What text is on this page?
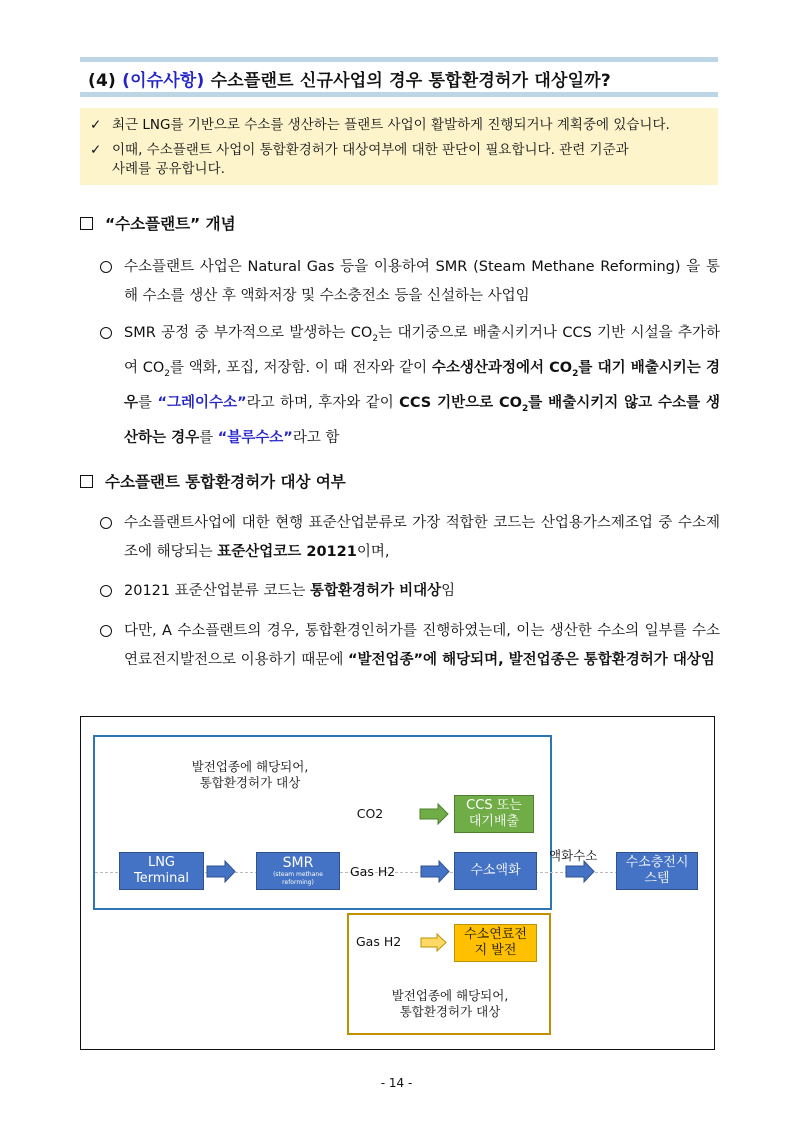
(4) (이슈사항) 수소플랜트 신규사업의 경우 통합환경허가 대상일까?
✓ 최근 LNG를 기반으로 수소를 생산하는 플랜트 사업이 활발하게 진행되거나 계획중에 있습니다.
✓ 이때, 수소플랜트 사업이 통합환경허가 대상여부에 대한 판단이 필요합니다. 관련 기준과
사례를 공유합니다.
“수소플랜트” 개념
수소플랜트 사업은 Natural Gas 등을 이용하여 SMR (Steam Methane Reforming) 을 통해 수소를 생산 후 액화저장 및 수소충전소 등을 신설하는 사업임
SMR 공정 중 부가적으로 발생하는 $CO_2$는 대기중으로 배출시키거나 CCS 기반 시설을 추가하여 $CO_2$를 액화, 포집, 저장함. 이 때 전자와 같이 수소생산과정에서 $CO_2$를 대기 배출시키는 경우를 “그레이수소”라고 하며, 후자와 같이 CCS 기반으로 $CO_2$를 배출시키지 않고 수소를 생산하는 경우를 “블루수소”라고 함
수소플랜트 통합환경허가 대상 여부
수소플랜트사업에 대한 현행 표준산업분류로 가장 적합한 코드는 산업용가스제조업 중 수소제조에 해당되는 표준산업코드 20121이며,
20121 표준산업분류 코드는 통합환경허가 비대상임
다만, A 수소플랜트의 경우, 통합환경인허가를 진행하였는데, 이는 생산한 수소의 일부를 수소연료전지발전으로 이용하기 때문에 “발전업종”에 해당되며, 발전업종은 통합환경허가 대상임
발전업종에 해당되어,
통합환경허가 대상
CO2
CCS 또는
대기배출
LNG
Terminal
SMR
(steam methane reforming)
Gas H2	수소액화
액화수소	수소충전시
스템
Gas H2	수소연료전
지 발전
발전업종에 해당되어,
통합환경허가 대상
- 14 -
